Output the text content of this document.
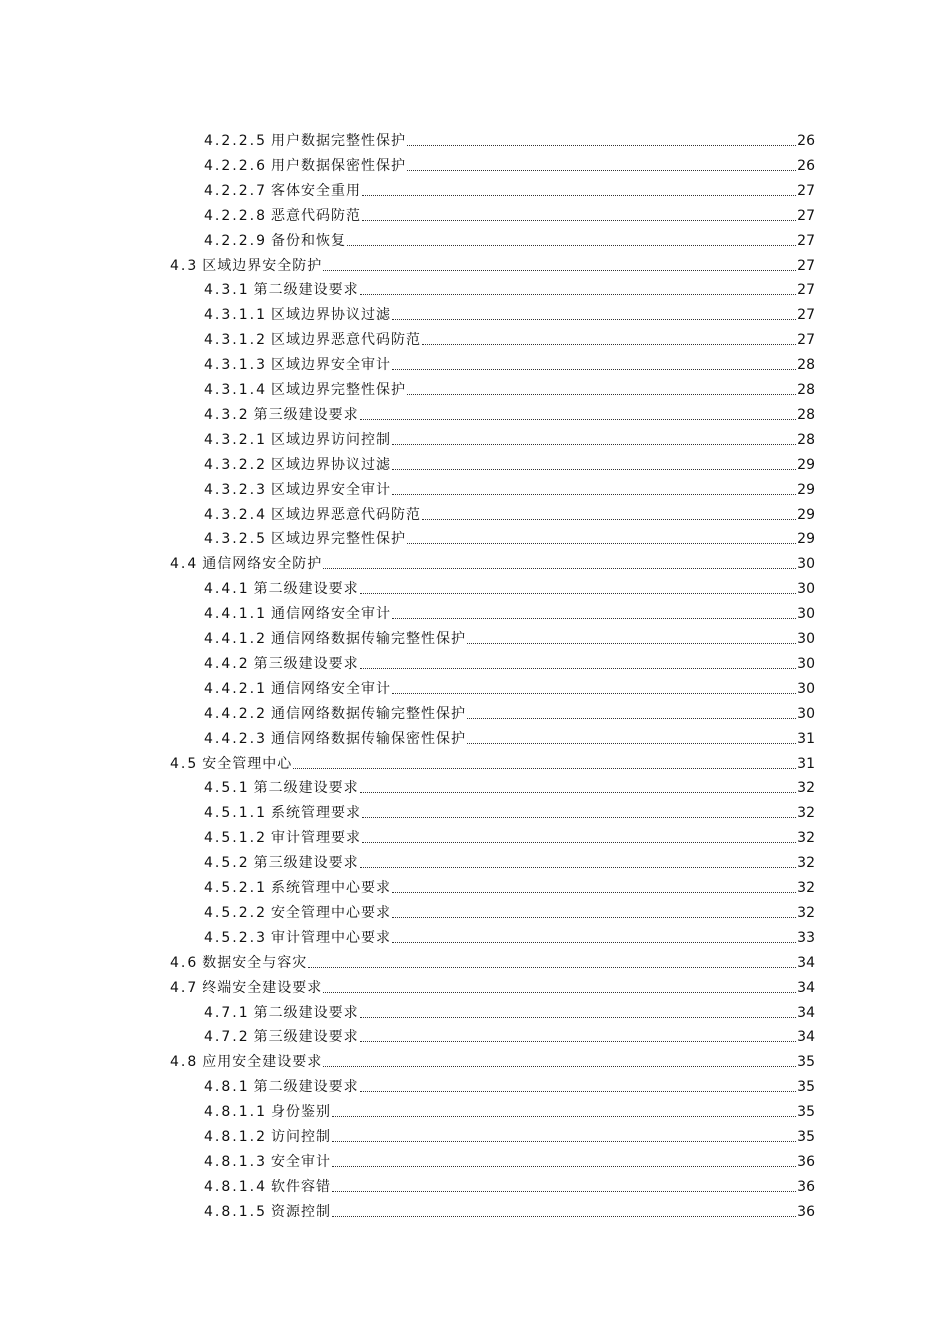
4.2.2.5 用户数据完整性保护	26
4.2.2.6 用户数据保密性保护	26
4.2.2.7 客体安全重用	27
4.2.2.8 恶意代码防范	27
4.2.2.9 备份和恢复	27
4.3 区域边界安全防护	27
4.3.1 第二级建设要求	27
4.3.1.1 区域边界协议过滤	27
4.3.1.2 区域边界恶意代码防范	27
4.3.1.3 区域边界安全审计	28
4.3.1.4 区域边界完整性保护	28
4.3.2 第三级建设要求	28
4.3.2.1 区域边界访问控制	28
4.3.2.2 区域边界协议过滤	29
4.3.2.3 区域边界安全审计	29
4.3.2.4 区域边界恶意代码防范	29
4.3.2.5 区域边界完整性保护	29
4.4 通信网络安全防护	30
4.4.1 第二级建设要求	30
4.4.1.1 通信网络安全审计	30
4.4.1.2 通信网络数据传输完整性保护	30
4.4.2 第三级建设要求	30
4.4.2.1 通信网络安全审计	30
4.4.2.2 通信网络数据传输完整性保护	30
4.4.2.3 通信网络数据传输保密性保护	31
4.5 安全管理中心	31
4.5.1 第二级建设要求	32
4.5.1.1 系统管理要求	32
4.5.1.2 审计管理要求	32
4.5.2 第三级建设要求	32
4.5.2.1 系统管理中心要求	32
4.5.2.2 安全管理中心要求	32
4.5.2.3 审计管理中心要求	33
4.6 数据安全与容灾	34
4.7 终端安全建设要求	34
4.7.1 第二级建设要求	34
4.7.2 第三级建设要求	34
4.8 应用安全建设要求	35
4.8.1 第二级建设要求	35
4.8.1.1 身份鉴别	35
4.8.1.2 访问控制	35
4.8.1.3 安全审计	36
4.8.1.4 软件容错	36
4.8.1.5 资源控制	36
